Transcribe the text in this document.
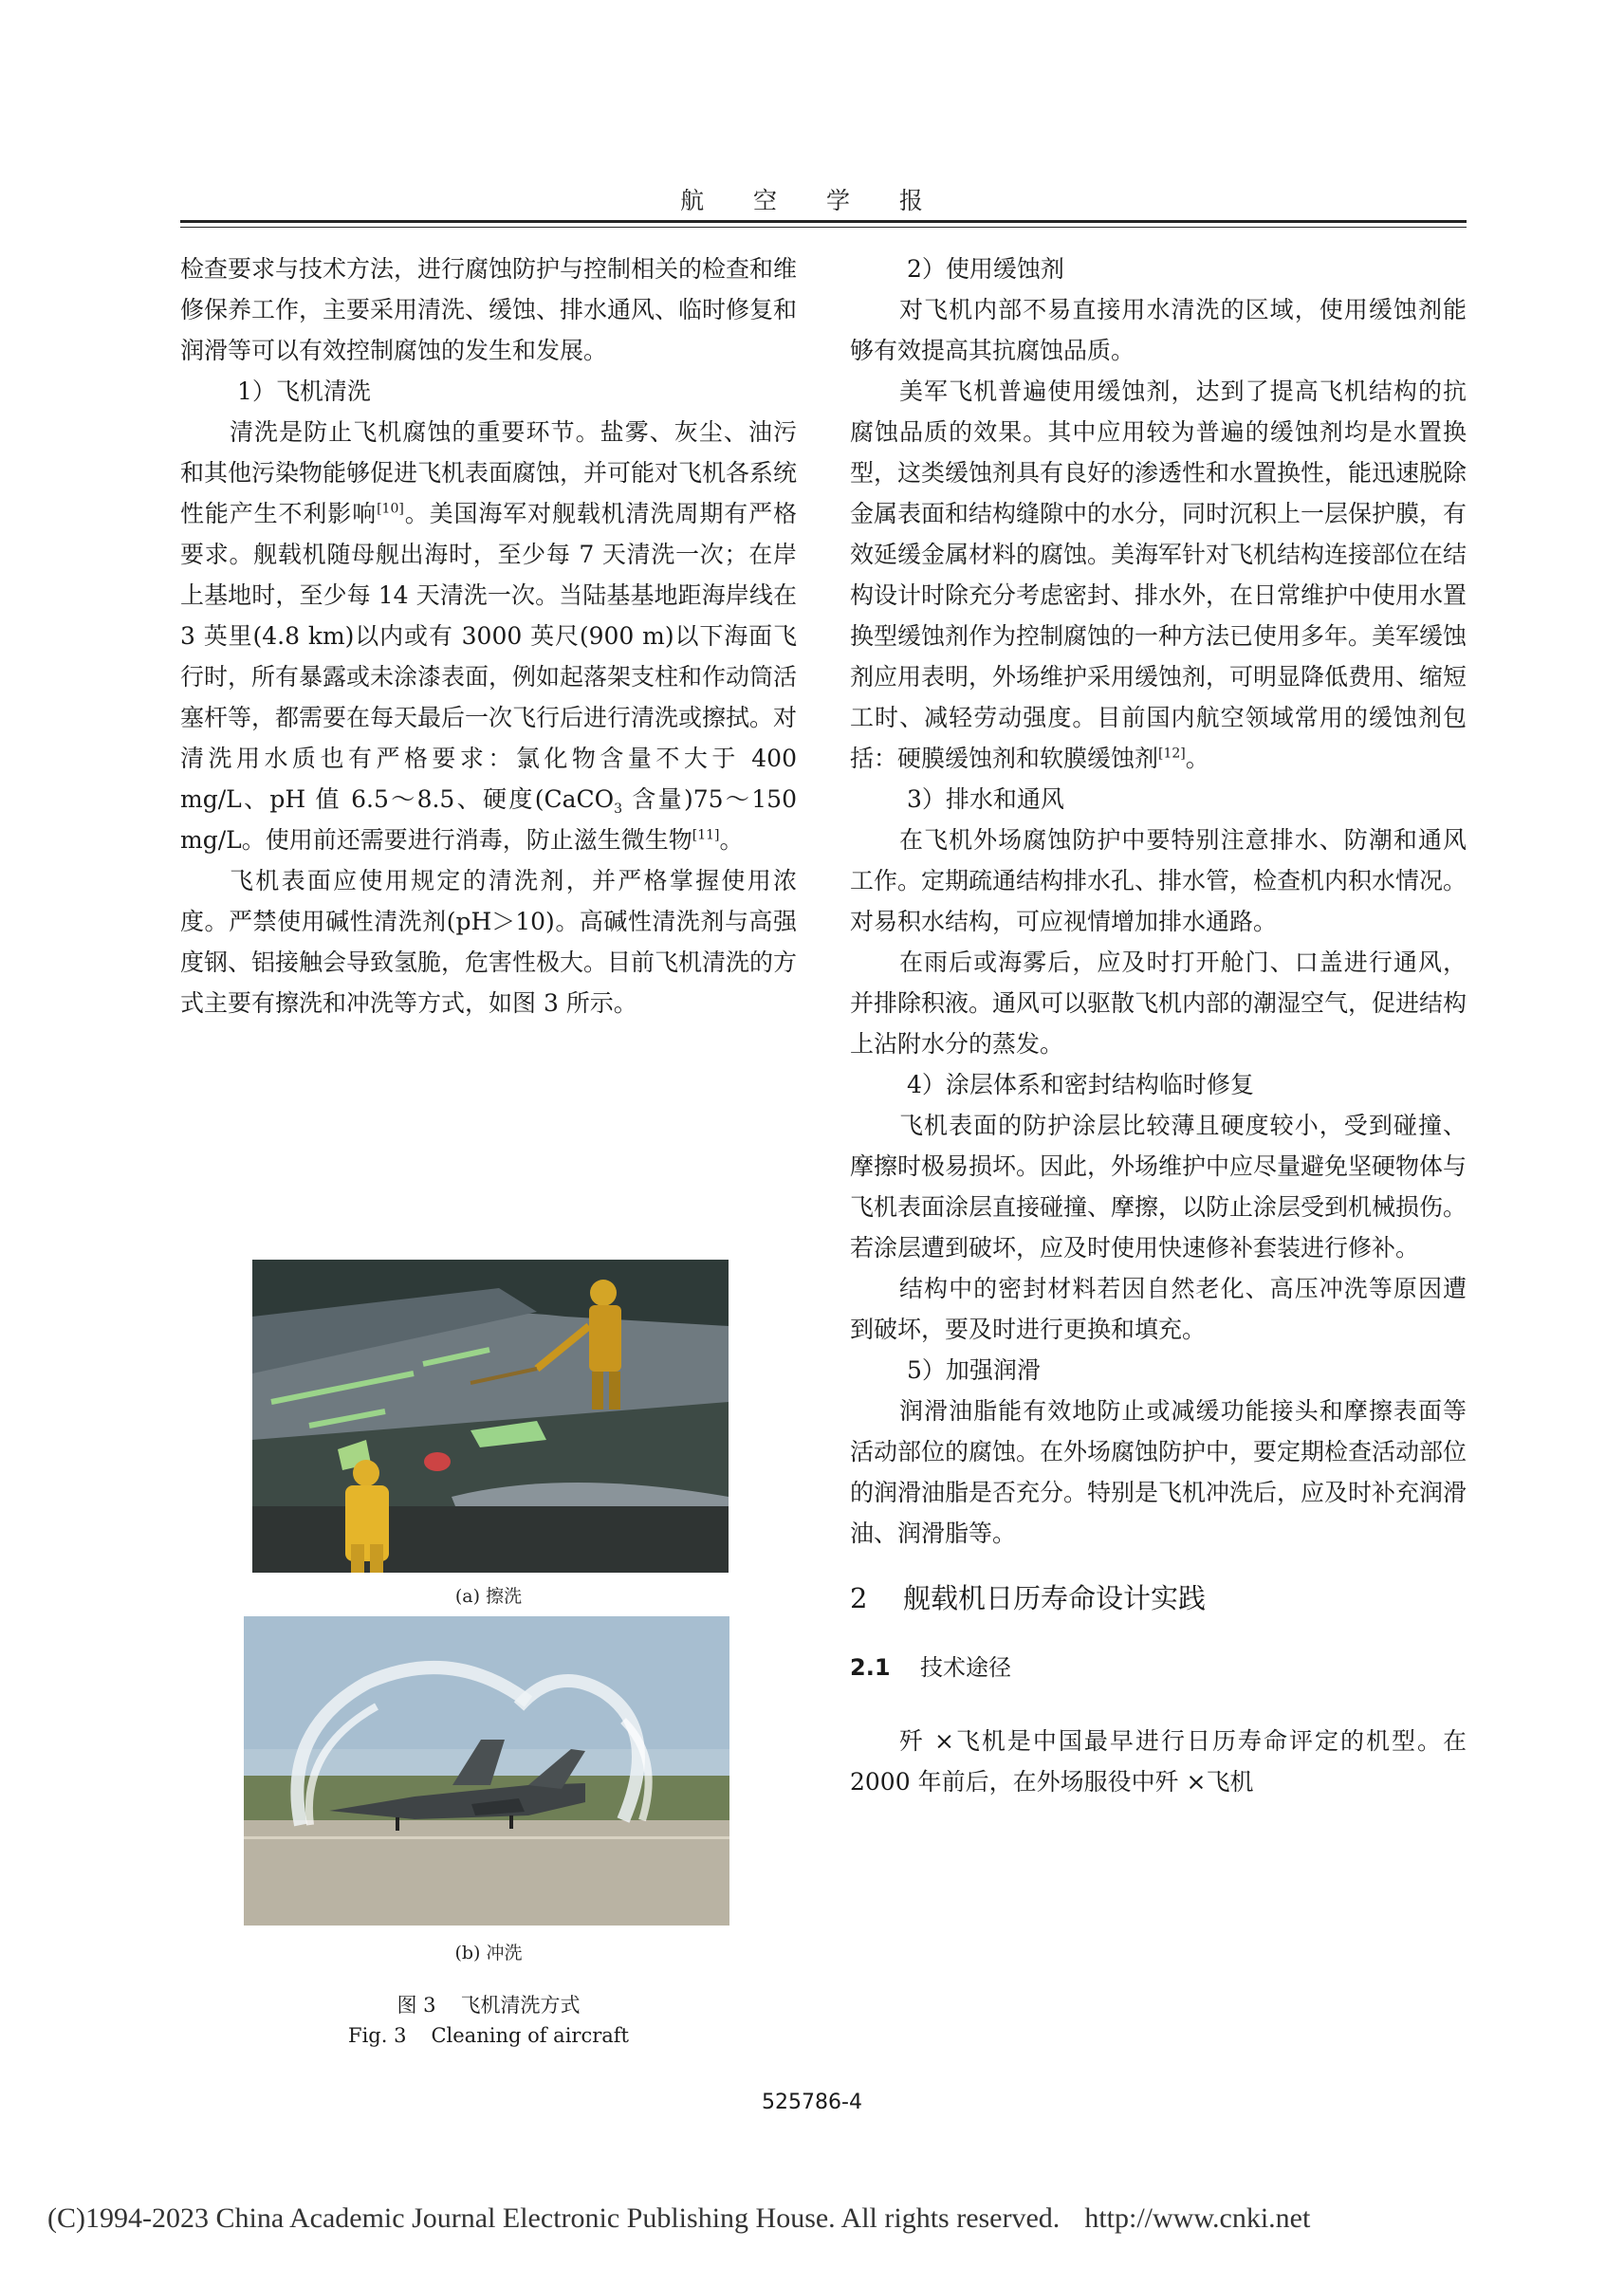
航 空 学 报

检查要求与技术方法，进行腐蚀防护与控制相关的检查和维修保养工作，主要采用清洗、缓蚀、排水通风、临时修复和润滑等可以有效控制腐蚀的发生和发展。

1）飞机清洗

清洗是防止飞机腐蚀的重要环节。盐雾、灰尘、油污和其他污染物能够促进飞机表面腐蚀，并可能对飞机各系统性能产生不利影响[10]。美国海军对舰载机清洗周期有严格要求。舰载机随母舰出海时，至少每 7 天清洗一次；在岸上基地时，至少每 14 天清洗一次。当陆基基地距海岸线在 3 英里(4.8 km)以内或有 3000 英尺(900 m)以下海面飞行时，所有暴露或未涂漆表面，例如起落架支柱和作动筒活塞杆等，都需要在每天最后一次飞行后进行清洗或擦拭。对清洗用水质也有严格要求：氯化物含量不大于 400 mg/L、pH 值 6.5～8.5、硬度(CaCO$_3$ 含量)75～150 mg/L。使用前还需要进行消毒，防止滋生微生物[11]。

飞机表面应使用规定的清洗剂，并严格掌握使用浓度。严禁使用碱性清洗剂(pH＞10)。高碱性清洗剂与高强度钢、铝接触会导致氢脆，危害性极大。目前飞机清洗的方式主要有擦洗和冲洗等方式，如图 3 所示。

(a) 擦洗
(b) 冲洗
图 3 飞机清洗方式
Fig. 3 Cleaning of aircraft

2）使用缓蚀剂

对飞机内部不易直接用水清洗的区域，使用缓蚀剂能够有效提高其抗腐蚀品质。

美军飞机普遍使用缓蚀剂，达到了提高飞机结构的抗腐蚀品质的效果。其中应用较为普遍的缓蚀剂均是水置换型，这类缓蚀剂具有良好的渗透性和水置换性，能迅速脱除金属表面和结构缝隙中的水分，同时沉积上一层保护膜，有效延缓金属材料的腐蚀。美海军针对飞机结构连接部位在结构设计时除充分考虑密封、排水外，在日常维护中使用水置换型缓蚀剂作为控制腐蚀的一种方法已使用多年。美军缓蚀剂应用表明，外场维护采用缓蚀剂，可明显降低费用、缩短工时、减轻劳动强度。目前国内航空领域常用的缓蚀剂包括：硬膜缓蚀剂和软膜缓蚀剂[12]。

3）排水和通风

在飞机外场腐蚀防护中要特别注意排水、防潮和通风工作。定期疏通结构排水孔、排水管，检查机内积水情况。对易积水结构，可应视情增加排水通路。

在雨后或海雾后，应及时打开舱门、口盖进行通风，并排除积液。通风可以驱散飞机内部的潮湿空气，促进结构上沾附水分的蒸发。

4）涂层体系和密封结构临时修复

飞机表面的防护涂层比较薄且硬度较小，受到碰撞、摩擦时极易损坏。因此，外场维护中应尽量避免坚硬物体与飞机表面涂层直接碰撞、摩擦，以防止涂层受到机械损伤。若涂层遭到破坏，应及时使用快速修补套装进行修补。

结构中的密封材料若因自然老化、高压冲洗等原因遭到破坏，要及时进行更换和填充。

5）加强润滑

润滑油脂能有效地防止或减缓功能接头和摩擦表面等活动部位的腐蚀。在外场腐蚀防护中，要定期检查活动部位的润滑油脂是否充分。特别是飞机冲洗后，应及时补充润滑油、润滑脂等。

2 舰载机日历寿命设计实践

2.1 技术途径

歼 ×飞机是中国最早进行日历寿命评定的机型。在 2000 年前后，在外场服役中歼 ×飞机

525786-4
(C)1994-2023 China Academic Journal Electronic Publishing House. All rights reserved. http://www.cnki.net
